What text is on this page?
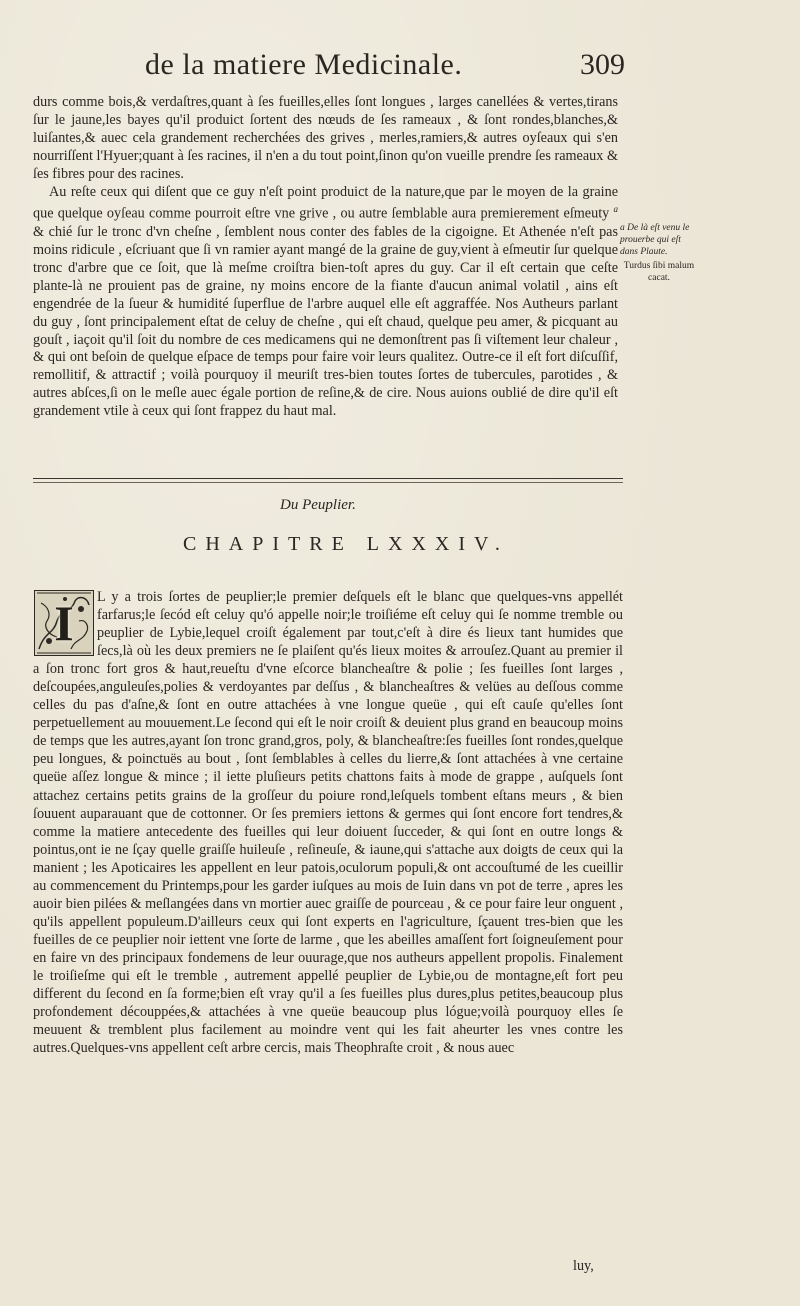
de la matiere Medicinale.	309

durs comme bois,& verdaſtres,quant à ſes fueilles,elles ſont longues , larges canellées & vertes,tirans ſur le jaune,les bayes qu'il produict ſortent des nœuds de ſes rameaux , & ſont rondes,blanches,& luiſantes,& auec cela grandement recherchées des grives , merles,ramiers,& autres oyſeaux qui s'en nourriſſent l'Hyuer;quant à ſes racines, il n'en a du tout point,ſinon qu'on vueille prendre ſes rameaux & ſes fibres pour des racines.

Au reſte ceux qui diſent que ce guy n'eſt point produict de la nature,que par le moyen de la graine que quelque oyſeau comme pourroit eſtre vne grive , ou autre ſemblable aura premierement eſmeuty $^a$ & chié ſur le tronc d'vn cheſne , ſemblent nous conter des fables de la cigoigne. Et Athenée n'eſt pas moins ridicule , eſcriuant que ſi vn ramier ayant mangé de la graine de guy,vient à eſmeutir ſur quelque tronc d'arbre que ce ſoit, que là meſme croiſtra bien-toſt apres du guy. Car il eſt certain que ceſte plante-là ne prouient pas de graine, ny moins encore de la fiante d'aucun animal volatil , ains eſt engendrée de la ſueur & humidité ſuperflue de l'arbre auquel elle eſt aggraffée. Nos Autheurs parlant du guy , ſont principalement eſtat de celuy de cheſne , qui eſt chaud, quelque peu amer, & picquant au gouſt , iaçoit qu'il ſoit du nombre de ces medicamens qui ne demonſtrent pas ſi viſtement leur chaleur , & qui ont beſoin de quelque eſpace de temps pour faire voir leurs qualitez. Outre-ce il eſt fort diſcuſſif, remollitif, & attractif ; voilà pourquoy il meuriſt tres-bien toutes ſortes de tubercules, parotides , & autres abſces,ſi on le meſle auec égale portion de reſine,& de cire. Nous auions oublié de dire qu'il eſt grandement vtile à ceux qui ſont frappez du haut mal.

a De là eſt venu le prouerbe qui eſt dans Plaute.
Turdus ſibi malum cacat.
Du Peuplier.
CHAPITRE LXXXIV.

L y a trois ſortes de peuplier;le premier deſquels eſt le blanc que quelques-vns appellét farfarus;le ſecód eſt celuy qu'ó appelle noir;le troiſiéme eſt celuy qui ſe nomme tremble ou peuplier de Lybie,lequel croiſt également par tout,c'eſt à dire és lieux tant humides que ſecs,là où les deux premiers ne ſe plaiſent qu'és lieux moites & arrouſez.Quant au premier il a ſon tronc fort gros & haut,reueſtu d'vne eſcorce blancheaſtre & polie ; ſes fueilles ſont larges , deſcoupées,anguleuſes,polies & verdoyantes par deſſus , & blancheaſtres & velües au deſſous comme celles du pas d'aſne,& ſont en outre attachées à vne longue queüe , qui eſt cauſe qu'elles ſont perpetuellement au mouuement.Le ſecond qui eſt le noir croiſt & deuient plus grand en beaucoup moins de temps que les autres,ayant ſon tronc grand,gros, poly, & blancheaſtre:ſes fueilles ſont rondes,quelque peu longues, & poinctuës au bout , ſont ſemblables à celles du lierre,& ſont attachées à vne certaine queüe aſſez longue & mince ; il iette pluſieurs petits chattons faits à mode de grappe , auſquels ſont attachez certains petits grains de la groſſeur du poiure rond,leſquels tombent eſtans meurs , & bien ſouuent auparauant que de cottonner. Or ſes premiers iettons & germes qui ſont encore fort tendres,& comme la matiere antecedente des fueilles qui leur doiuent ſucceder, & qui ſont en outre longs & pointus,ont ie ne ſçay quelle graiſſe huileuſe , reſineuſe, & iaune,qui s'attache aux doigts de ceux qui la manient ; les Apoticaires les appellent en leur patois,oculorum populi,& ont accouſtumé de les cueillir au commencement du Printemps,pour les garder iuſques au mois de Iuin dans vn pot de terre , apres les auoir bien pilées & meſlangées dans vn mortier auec graiſſe de pourceau , & ce pour faire leur onguent , qu'ils appellent populeum.D'ailleurs ceux qui ſont experts en l'agriculture, ſçauent tres-bien que les fueilles de ce peuplier noir iettent vne ſorte de larme , que les abeilles amaſſent fort ſoigneuſement pour en faire vn des principaux fondemens de leur ouurage,que nos autheurs appellent propolis. Finalement le troiſieſme qui eſt le tremble , autrement appellé peuplier de Lybie,ou de montagne,eſt fort peu different du ſecond en ſa forme;bien eſt vray qu'il a ſes fueilles plus dures,plus petites,beaucoup plus profondement découppées,& attachées à vne queüe beaucoup plus lógue;voilà pourquoy elles ſe meuuent & tremblent plus facilement au moindre vent qui les fait aheurter les vnes contre les autres.Quelques-vns appellent ceſt arbre cercis, mais Theophraſte croit , & nous auec

I
luy,
